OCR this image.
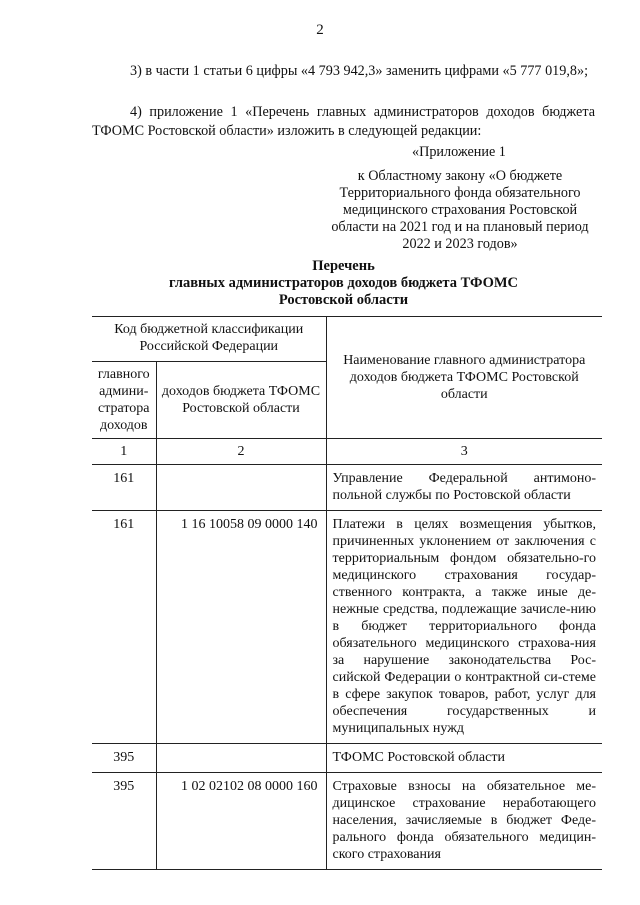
2
3) в части 1 статьи 6 цифры «4 793 942,3» заменить цифрами «5 777 019,8»;
4) приложение 1 «Перечень главных администраторов доходов бюджета ТФОМС Ростовской области» изложить в следующей редакции:
«Приложение 1
к Областному закону «О бюджете Территориального фонда обязательного медицинского страхования Ростовской области на 2021 год и на плановый период 2022 и 2023 годов»
Перечень
главных администраторов доходов бюджета ТФОМС
Ростовской области
Код бюджетной классификации Российской Федерации		Наименование главного администратора доходов бюджета ТФОМС Ростовской области
главного админи-стратора доходов	доходов бюджета ТФОМС Ростовской области	
1	2	3
161		Управление Федеральной антимоно-польной службы по Ростовской области
161	1 16 10058 09 0000 140	Платежи в целях возмещения убытков, причиненных уклонением от заключения с территориальным фондом обязательно-го медицинского страхования государ-ственного контракта, а также иные де-нежные средства, подлежащие зачисле-нию в бюджет территориального фонда обязательного медицинского страхова-ния за нарушение законодательства Рос-сийской Федерации о контрактной си-стеме в сфере закупок товаров, работ, услуг для обеспечения государственных и муниципальных нужд
395		ТФОМС Ростовской области
395	1 02 02102 08 0000 160	Страховые взносы на обязательное ме-дицинское страхование неработающего населения, зачисляемые в бюджет Феде-рального фонда обязательного медицин-ского страхования
